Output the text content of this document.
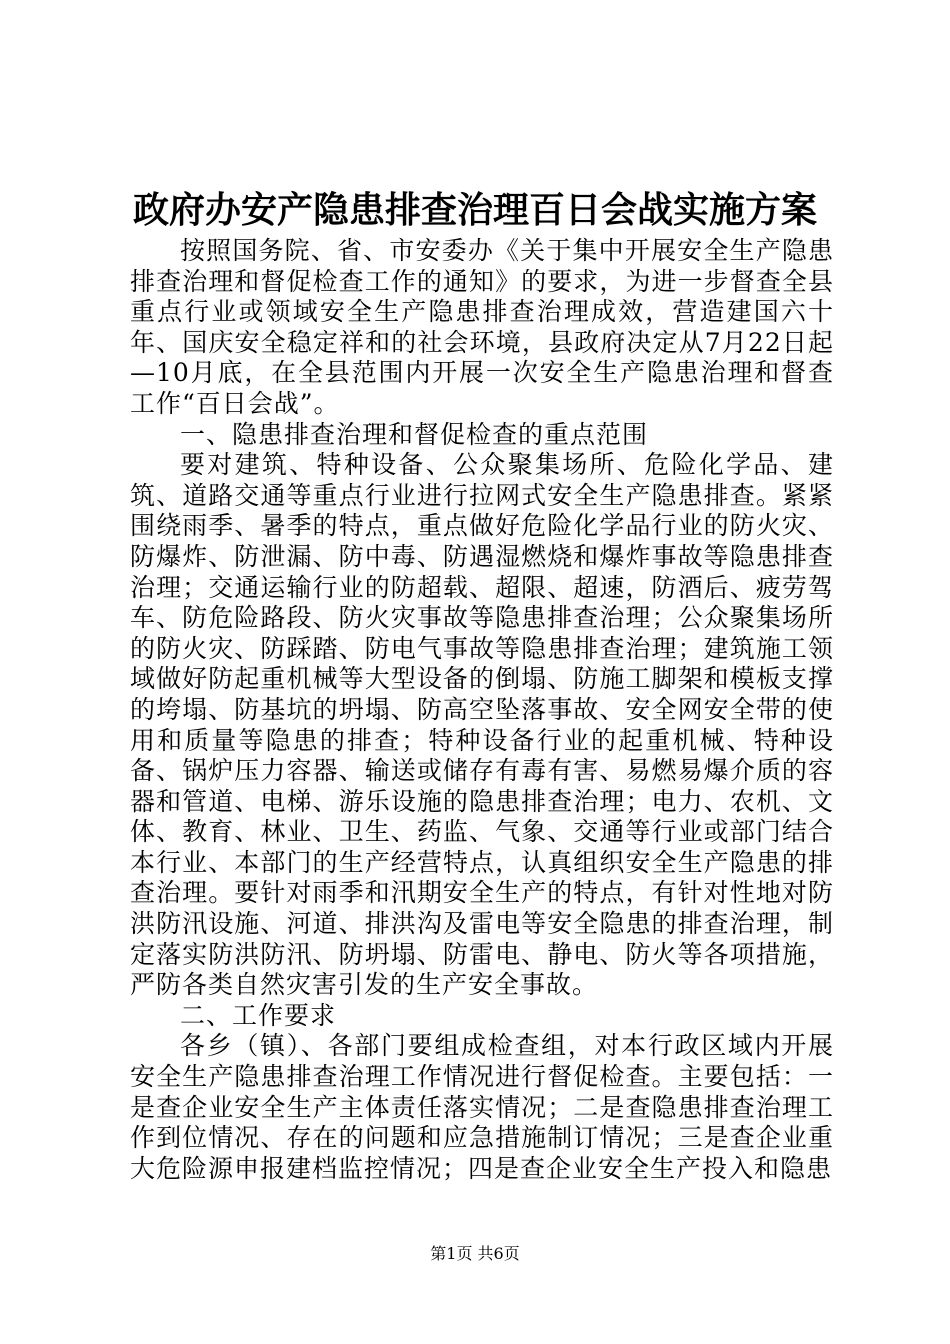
政府办安产隐患排查治理百日会战实施方案

按照国务院、省、市安委办《关于集中开展安全生产隐患排查治理和督促检查工作的通知》的要求，为进一步督查全县重点行业或领域安全生产隐患排查治理成效，营造建国六十年、国庆安全稳定祥和的社会环境，县政府决定从7月22日起—10月底，在全县范围内开展一次安全生产隐患治理和督查工作“百日会战”。

一、隐患排查治理和督促检查的重点范围

要对建筑、特种设备、公众聚集场所、危险化学品、建筑、道路交通等重点行业进行拉网式安全生产隐患排查。紧紧围绕雨季、暑季的特点，重点做好危险化学品行业的防火灾、防爆炸、防泄漏、防中毒、防遇湿燃烧和爆炸事故等隐患排查治理；交通运输行业的防超载、超限、超速，防酒后、疲劳驾车、防危险路段、防火灾事故等隐患排查治理；公众聚集场所的防火灾、防踩踏、防电气事故等隐患排查治理；建筑施工领域做好防起重机械等大型设备的倒塌、防施工脚架和模板支撑的垮塌、防基坑的坍塌、防高空坠落事故、安全网安全带的使用和质量等隐患的排查；特种设备行业的起重机械、特种设备、锅炉压力容器、输送或储存有毒有害、易燃易爆介质的容器和管道、电梯、游乐设施的隐患排查治理；电力、农机、文体、教育、林业、卫生、药监、气象、交通等行业或部门结合本行业、本部门的生产经营特点，认真组织安全生产隐患的排查治理。要针对雨季和汛期安全生产的特点，有针对性地对防洪防汛设施、河道、排洪沟及雷电等安全隐患的排查治理，制定落实防洪防汛、防坍塌、防雷电、静电、防火等各项措施，严防各类自然灾害引发的生产安全事故。

二、工作要求

各乡（镇）、各部门要组成检查组，对本行政区域内开展安全生产隐患排查治理工作情况进行督促检查。主要包括：一是查企业安全生产主体责任落实情况；二是查隐患排查治理工作到位情况、存在的问题和应急措施制订情况；三是查企业重大危险源申报建档监控情况；四是查企业安全生产投入和隐患

第1页 共6页
